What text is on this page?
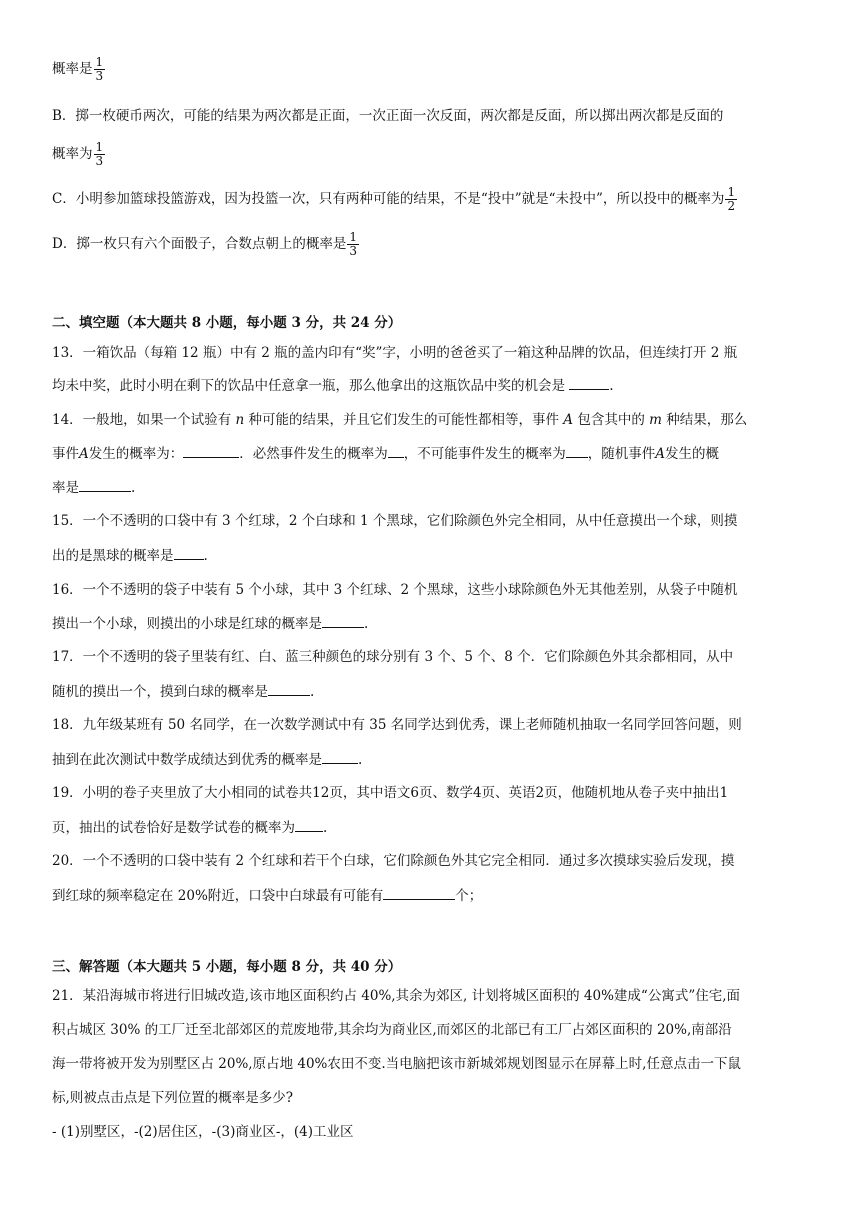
概率是 $\frac{1}{3}$
B．掷一枚硬币两次，可能的结果为两次都是正面，一次正面一次反面，两次都是反面，所以掷出两次都是反面的
概率为 $\frac{1}{3}$
C．小明参加篮球投篮游戏，因为投篮一次，只有两种可能的结果，不是“投中”就是“未投中”，所以投中的概率为 $\frac{1}{2}$
D．掷一枚只有六个面骰子，合数点朝上的概率是 $\frac{1}{3}$
二、填空题（本大题共 8 小题，每小题 3 分，共 24 分）
13．一箱饮品（每箱 12 瓶）中有 2 瓶的盖内印有“奖”字，小明的爸爸买了一箱这种品牌的饮品，但连续打开 2 瓶
均未中奖，此时小明在剩下的饮品中任意拿一瓶，那么他拿出的这瓶饮品中奖的机会是	.
14．一般地，如果一个试验有 n 种可能的结果，并且它们发生的可能性都相等，事件 A 包含其中的 m 种结果，那么
事件A发生的概率为：	．必然事件发生的概率为 ，不可能事件发生的概率为 ，随机事件A发生的概
率是	.
15．一个不透明的口袋中有 3 个红球，2 个白球和 1 个黑球，它们除颜色外完全相同，从中任意摸出一个球，则摸
出的是黑球的概率是 .
16．一个不透明的袋子中装有 5 个小球，其中 3 个红球、2 个黑球，这些小球除颜色外无其他差别，从袋子中随机
摸出一个小球，则摸出的小球是红球的概率是	.
17．一个不透明的袋子里装有红、白、蓝三种颜色的球分别有 3 个、5 个、8 个．它们除颜色外其余都相同，从中
随机的摸出一个，摸到白球的概率是	.
18．九年级某班有 50 名同学，在一次数学测试中有 35 名同学达到优秀，课上老师随机抽取一名同学回答问题，则
抽到在此次测试中数学成绩达到优秀的概率是	.
19．小明的卷子夹里放了大小相同的试卷共12页，其中语文6页、数学4页、英语2页，他随机地从卷子夹中抽出1
页，抽出的试卷恰好是数学试卷的概率为 .
20．一个不透明的口袋中装有 2 个红球和若干个白球，它们除颜色外其它完全相同．通过多次摸球实验后发现，摸
到红球的频率稳定在 20%附近，口袋中白球最有可能有	个；
三、解答题（本大题共 5 小题，每小题 8 分，共 40 分）
21．某沿海城市将进行旧城改造,该市地区面积约占 40%,其余为郊区, 计划将城区面积的 40%建成“公寓式”住宅,面
积占城区 30% 的工厂迁至北部郊区的荒废地带,其余均为商业区,而郊区的北部已有工厂占郊区面积的 20%,南部沿
海一带将被开发为别墅区占 20%,原占地 40%农田不变.当电脑把该市新城郊规划图显示在屏幕上时,任意点击一下鼠
标,则被点击点是下列位置的概率是多少?
- (1)别墅区，-(2)居住区，-(3)商业区-，(4)工业区
